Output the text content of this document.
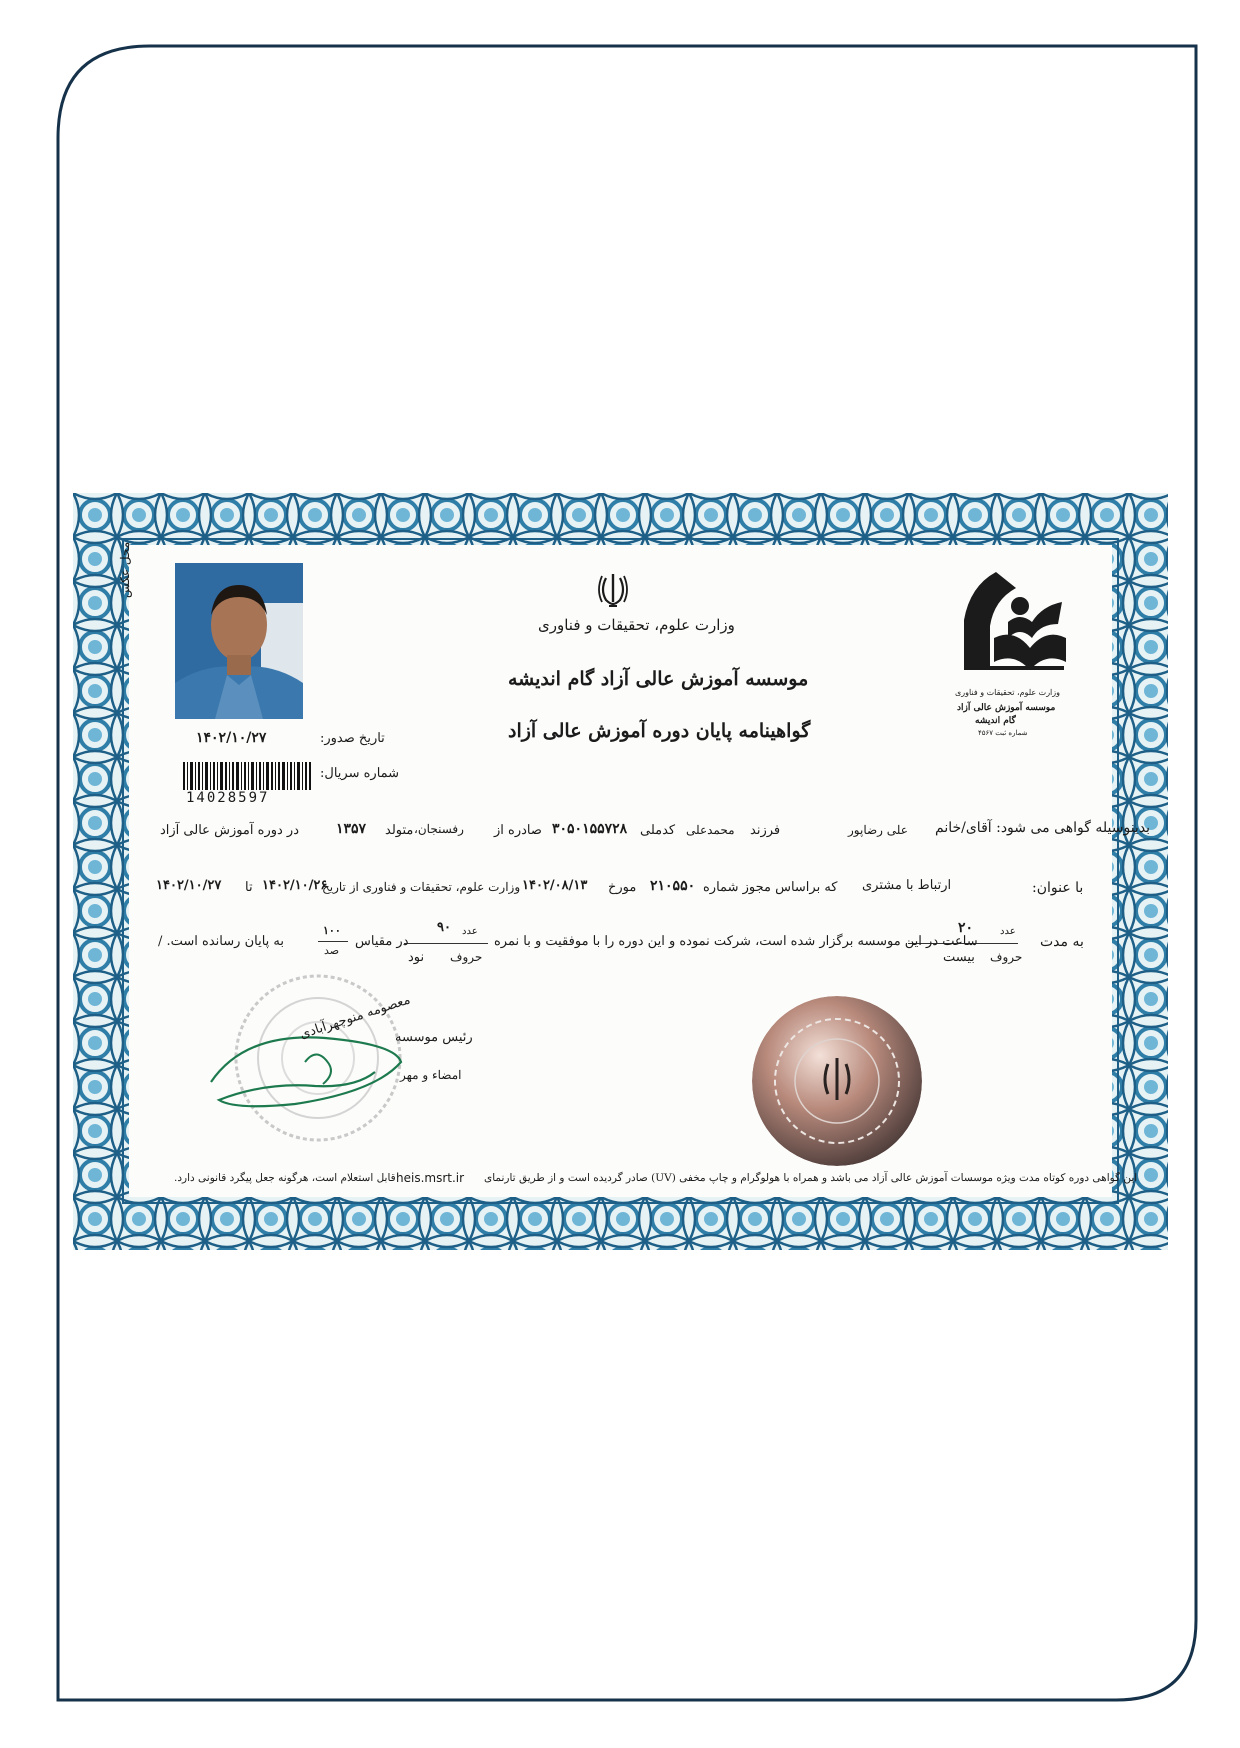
وزارت علوم، تحقیقات و فناوری
موسسه آموزش عالی آزاد گام اندیشه
گواهینامه پایان دوره آموزش عالی آزاد
محل عکس
۱۴۰۲/۱۰/۲۷	تاریخ صدور:
شماره سریال:
14028597
وزارت علوم، تحقیقات و فناوری
موسسه آموزش عالی آزاد
گام اندیشه
شماره ثبت ۴۵۶۷
بدینوسیله گواهی می شود: آقای/خانم
علی رضاپور
فرزند
محمدعلی
کدملی
۳۰۵۰۱۵۵۷۲۸
صادره از
رفسنجان،
متولد
۱۳۵۷
در دوره آموزش عالی آزاد
با عنوان:
ارتباط با مشتری
که براساس مجوز شماره
۲۱۰۵۵۰
مورخ
۱۴۰۲/۰۸/۱۳
وزارت علوم، تحقیقات و فناوری از تاریخ
۱۴۰۲/۱۰/۲۶
تا
۱۴۰۲/۱۰/۲۷
به مدت
عدد
۲۰
حروف
بیست
ساعت در این موسسه برگزار شده است، شرکت نموده و این دوره را با موفقیت و با نمره
عدد
۹۰
حروف
نود
در مقیاس
۱۰۰
صد
به پایان رسانده است. /
معصومه منوچهرآبادی
رئیس موسسه
امضاء و مهر
این گواهی دوره کوتاه مدت ویژه موسسات آموزش عالی آزاد می باشد و همراه با هولوگرام و چاپ مخفی (UV) صادر گردیده است و از طریق تارنمای
heis.msrt.ir
قابل استعلام است، هرگونه جعل پیگرد قانونی دارد.
